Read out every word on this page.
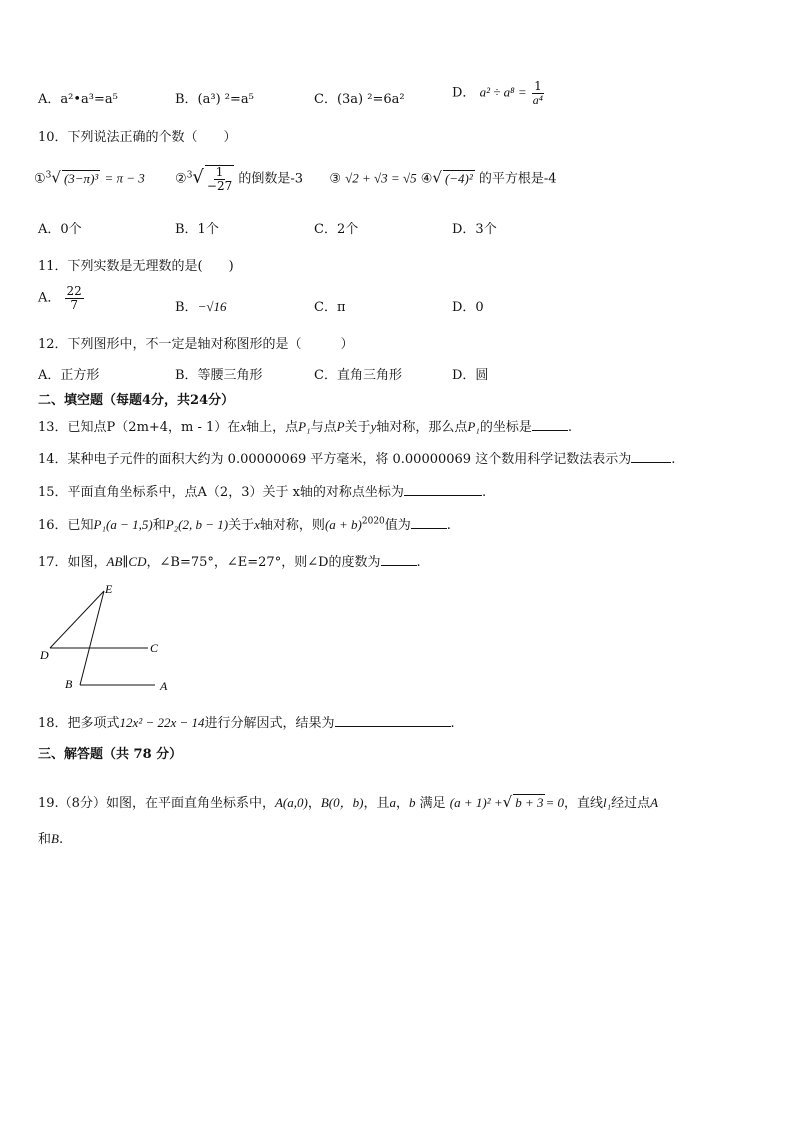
A．a²•a³=a⁵	B．(a³) ²=a⁵	C．(3a) ²=6a²	D． $a^2 \div a^8 = \frac{1}{\text{a⁴}}$
10．下列说法正确的个数（　　）
①$^3$√ (3−π)³ = π − 3 ②$^3$√ $\frac{1}{-27}$ 的倒数是-3 ③ √2 + √3 = √5 ④√ (−4)² 的平方根是-4
A．0个	B．1个	C．2个	D．3个
11．下列实数是无理数的是(　　)
A． $\frac{22}{7}$	B．−√16	C．π	D．0
12．下列图形中，不一定是轴对称图形的是（　　　）
A．正方形	B．等腰三角形	C．直角三角形	D．圆
二、填空题（每题4分，共24分）
13．已知点P（2m+4，m - 1）在x轴上，点P₁与点P关于y轴对称，那么点P₁的坐标是	.
14．某种电子元件的面积大约为 0.00000069 平方毫米，将 0.00000069 这个数用科学记数法表示为	.
15．平面直角坐标系中，点A（2，3）关于 x轴的对称点坐标为	.
16．已知P₁(a − 1,5)和P₂(2, b − 1)关于x轴对称，则$(a + b)^{2020}$值为	.
17．如图，AB∥CD，∠B=75°，∠E=27°，则∠D的度数为	.
E
D	C
B	A
18．把多项式12x² − 22x − 14进行分解因式，结果为	.
三、解答题（共 78 分）
19.（8分）如图，在平面直角坐标系中，A(a,0)，B(0，b)，且a，b 满足 (a + 1)² +√ b + 3 = 0，直线l₁经过点A
和B.
